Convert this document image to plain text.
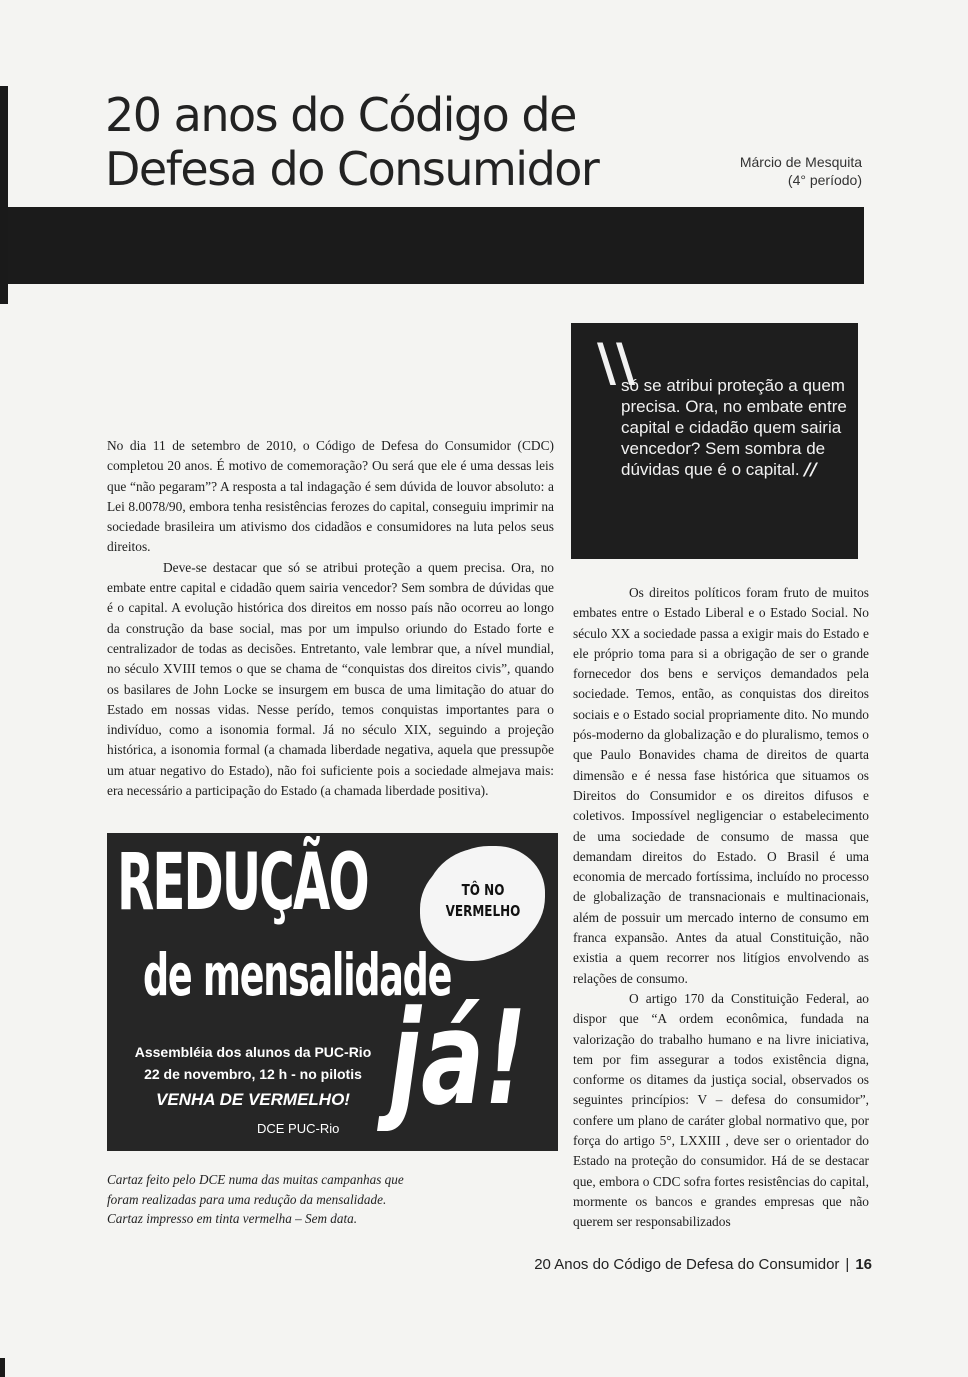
20 anos do Código de
Defesa do Consumidor	Márcio de Mesquita
(4° período)
\\
só se atribui proteção a quem precisa. Ora, no embate entre capital e cidadão quem sairia vencedor? Sem sombra de dúvidas que é o capital. //

No dia 11 de setembro de 2010, o Código de Defesa do Consumidor (CDC) completou 20 anos. É motivo de comemoração? Ou será que ele é uma dessas leis que “não pegaram”? A resposta a tal indagação é sem dúvida de louvor absoluto: a Lei 8.0078/90, embora tenha resistências ferozes do capital, conseguiu imprimir na sociedade brasileira um ativismo dos cidadãos e consumidores na luta pelos seus direitos.

Deve-se destacar que só se atribui proteção a quem precisa. Ora, no embate entre capital e cidadão quem sairia vencedor? Sem sombra de dúvidas que é o capital. A evolução histórica dos direitos em nosso país não ocorreu ao longo da construção da base social, mas por um impulso oriundo do Estado forte e centralizador de todas as decisões. Entretanto, vale lembrar que, a nível mundial, no século XVIII temos o que se chama de “conquistas dos direitos civis”, quando os basilares de John Locke se insurgem em busca de uma limitação do atuar do Estado em nossas vidas. Nesse perído, temos conquistas importantes para o indivíduo, como a isonomia formal. Já no século XIX, seguindo a projeção histórica, a isonomia formal (a chamada liberdade negativa, aquela que pressupõe um atuar negativo do Estado), não foi suficiente pois a sociedade almejava mais: era necessário a participação do Estado (a chamada liberdade positiva).

Os direitos políticos foram fruto de muitos embates entre o Estado Liberal e o Estado Social. No século XX a sociedade passa a exigir mais do Estado e ele próprio toma para si a obrigação de ser o grande fornecedor dos bens e serviços demandados pela sociedade. Temos, então, as conquistas dos direitos sociais e o Estado social propriamente dito. No mundo pós-moderno da globalização e do pluralismo, temos o que Paulo Bonavides chama de direitos de quarta dimensão e é nessa fase histórica que situamos os Direitos do Consumidor e os direitos difusos e coletivos. Impossível negligenciar o estabelecimento de uma sociedade de consumo de massa que demandam direitos do Estado. O Brasil é uma economia de mercado fortíssima, incluído no processo de globalização de transnacionais e multinacionais, além de possuir um mercado interno de consumo em franca expansão. Antes da atual Constituição, não existia a quem recorrer nos litígios envolvendo as relações de consumo.

O artigo 170 da Constituição Federal, ao dispor que “A ordem econômica, fundada na valorização do trabalho humano e na livre iniciativa, tem por fim assegurar a todos existência digna, conforme os ditames da justiça social, observados os seguintes princípios: V – defesa do consumidor”, confere um plano de caráter global normativo que, por força do artigo 5°, LXXIII , deve ser o orientador do Estado na proteção do consumidor. Há de se destacar que, embora o CDC sofra fortes resistências do capital, mormente os bancos e grandes empresas que não querem ser responsabilizados

REDUÇÃO	TÔ NO
VERMELHO
de mensalidade
já!
Assembléia dos alunos da PUC-Rio
22 de novembro, 12 h - no pilotis
VENHA DE VERMELHO!
DCE PUC-Rio
Cartaz feito pelo DCE numa das muitas campanhas que foram realizadas para uma redução da mensalidade. Cartaz impresso em tinta vermelha – Sem data.
20 Anos do Código de Defesa do Consumidor | 16
